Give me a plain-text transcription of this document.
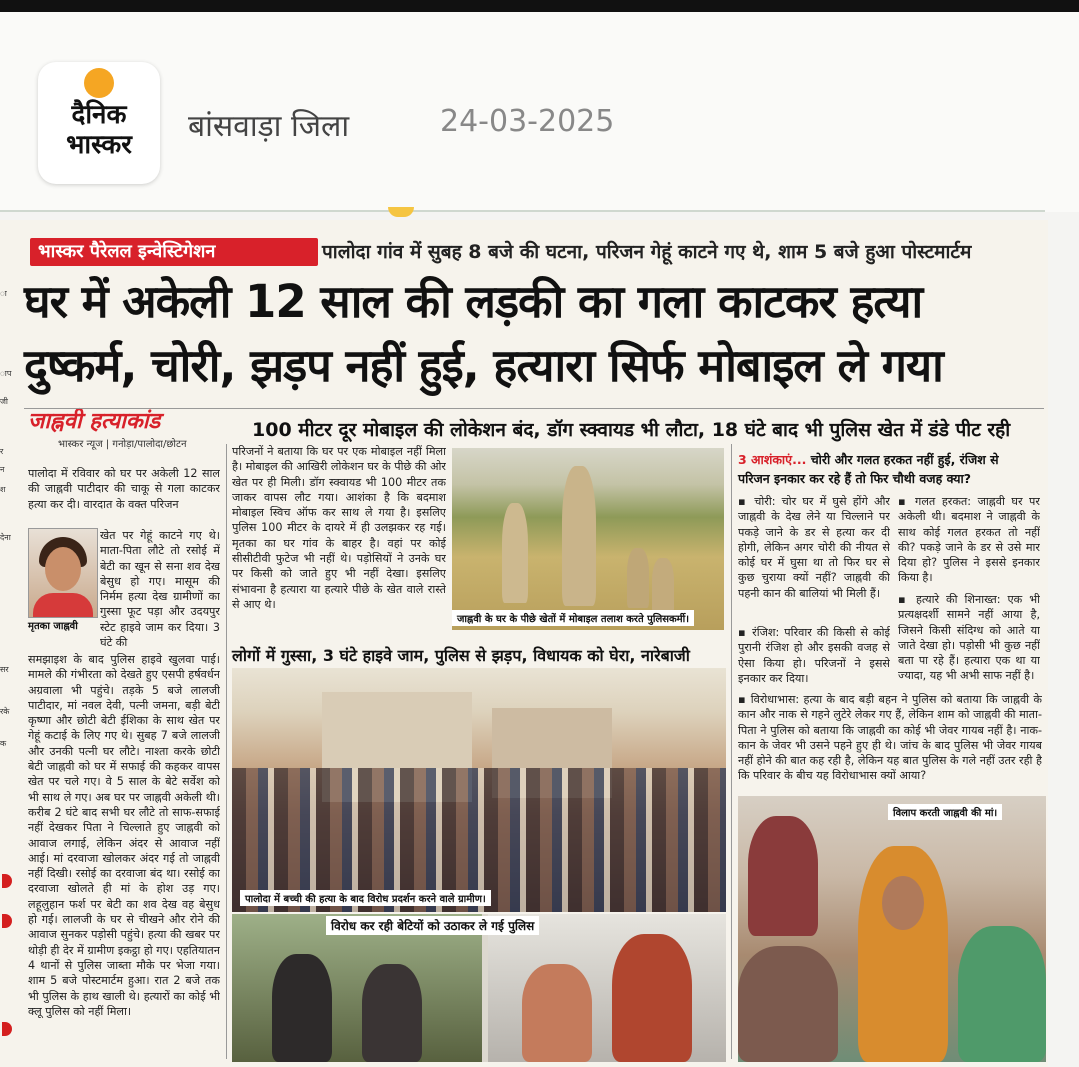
दैनिक
भास्कर
बांसवाड़ा जिला	24-03-2025
ा
ाप
जी
र
न
श
देना
सर
रके
क
भास्कर पैरेलल इन्वेस्टिगेशन	पालोदा गांव में सुबह 8 बजे की घटना, परिजन गेहूं काटने गए थे, शाम 5 बजे हुआ पोस्टमार्टम
घर में अकेली 12 साल की लड़की का गला काटकर हत्या
दुष्कर्म, चोरी, झड़प नहीं हुई, हत्यारा सिर्फ मोबाइल ले गया
जाह्नवी हत्याकांड
भास्कर न्यूज | गनोड़ा/पालोदा/छोटन
100 मीटर दूर मोबाइल की लोकेशन बंद, डॉग स्क्वायड भी लौटा, 18 घंटे बाद भी पुलिस खेत में डंडे पीट रही
पालोदा में रविवार को घर पर अकेली 12 साल की जाह्नवी पाटीदार की चाकू से गला काटकर हत्या कर दी। वारदात के वक्त परिजन
मृतका जाह्नवी
खेत पर गेहूं काटने गए थे। माता-पिता लौटे तो रसोई में बेटी का खून से सना शव देख बेसुध हो गए। मासूम की निर्मम हत्या देख ग्रामीणों का गुस्सा फूट पड़ा और उदयपुर स्टेट हाइवे जाम कर दिया। 3 घंटे की
समझाइश के बाद पुलिस हाइवे खुलवा पाई। मामले की गंभीरता को देखते हुए एसपी हर्षवर्धन अग्रवाला भी पहुंचे। तड़के 5 बजे लालजी पाटीदार, मां नवल देवी, पत्नी जमना, बड़ी बेटी कृष्णा और छोटी बेटी ईशिका के साथ खेत पर गेहूं कटाई के लिए गए थे। सुबह 7 बजे लालजी और उनकी पत्नी घर लौटे। नाश्ता करके छोटी बेटी जाह्नवी को घर में सफाई की कहकर वापस खेत पर चले गए। वे 5 साल के बेटे सर्वेश को भी साथ ले गए। अब घर पर जाह्नवी अकेली थी। करीब 2 घंटे बाद सभी घर लौटे तो साफ-सफाई नहीं देखकर पिता ने चिल्लाते हुए जाह्नवी को आवाज लगाई, लेकिन अंदर से आवाज नहीं आई। मां दरवाजा खोलकर अंदर गई तो जाह्नवी नहीं दिखी। रसोई का दरवाजा बंद था। रसोई का दरवाजा खोलते ही मां के होश उड़ गए। लहूलुहान फर्श पर बेटी का शव देख वह बेसुध हो गई। लालजी के घर से चीखने और रोने की आवाज सुनकर पड़ोसी पहुंचे। हत्या की खबर पर थोड़ी ही देर में ग्रामीण इकट्ठा हो गए। एहतियातन 4 थानों से पुलिस जाब्ता मौके पर भेजा गया। शाम 5 बजे पोस्टमार्टम हुआ। रात 2 बजे तक भी पुलिस के हाथ खाली थे। हत्यारों का कोई भी क्लू पुलिस को नहीं मिला।
परिजनों ने बताया कि घर पर एक मोबाइल नहीं मिला है। मोबाइल की आखिरी लोकेशन घर के पीछे की ओर खेत पर ही मिली। डॉग स्क्वायड भी 100 मीटर तक जाकर वापस लौट गया। आशंका है कि बदमाश मोबाइल स्विच ऑफ कर साथ ले गया है। इसलिए पुलिस 100 मीटर के दायरे में ही उलझकर रह गई। मृतका का घर गांव के बाहर है। वहां पर कोई सीसीटीवी फुटेज भी नहीं थे। पड़ोसियों ने उनके घर पर किसी को जाते हुए भी नहीं देखा। इसलिए संभावना है हत्यारा या हत्यारे पीछे के खेत वाले रास्ते से आए थे।
जाह्नवी के घर के पीछे खेतों में मोबाइल तलाश करते पुलिसकर्मी।
लोगों में गुस्सा, 3 घंटे हाइवे जाम, पुलिस से झड़प, विधायक को घेरा, नारेबाजी
पालोदा में बच्ची की हत्या के बाद विरोध प्रदर्शन करने वाले ग्रामीण।
विरोध कर रही बेटियों को उठाकर ले गई पुलिस
3 आशंकाएं... चोरी और गलत हरकत नहीं हुई, रंजिश से
परिजन इनकार कर रहे हैं तो फिर चौथी वजह क्या?
▪ चोरी: चोर घर में घुसे होंगे और जाह्नवी के देख लेने या चिल्लाने पर पकड़े जाने के डर से हत्या कर दी होगी, लेकिन अगर चोरी की नीयत से कोई घर में घुसा था तो फिर घर से कुछ चुराया क्यों नहीं? जाह्नवी की पहनी कान की बालियां भी मिली हैं।
▪ रंजिश: परिवार की किसी से कोई पुरानी रंजिश हो और इसकी वजह से ऐसा किया हो। परिजनों ने इससे इनकार कर दिया।
▪ गलत हरकत: जाह्नवी घर पर अकेली थी। बदमाश ने जाह्नवी के साथ कोई गलत हरकत तो नहीं की? पकड़े जाने के डर से उसे मार दिया हो? पुलिस ने इससे इनकार किया है।
▪ हत्यारे की शिनाख्त: एक भी प्रत्यक्षदर्शी सामने नहीं आया है, जिसने किसी संदिग्ध को आते या जाते देखा हो। पड़ोसी भी कुछ नहीं बता पा रहे हैं। हत्यारा एक था या ज्यादा, यह भी अभी साफ नहीं है।
▪ विरोधाभास: हत्या के बाद बड़ी बहन ने पुलिस को बताया कि जाह्नवी के कान और नाक से गहने लुटेरे लेकर गए हैं, लेकिन शाम को जाह्नवी की माता-पिता ने पुलिस को बताया कि जाह्नवी का कोई भी जेवर गायब नहीं है। नाक-कान के जेवर भी उसने पहने हुए ही थे। जांच के बाद पुलिस भी जेवर गायब नहीं होने की बात कह रही है, लेकिन यह बात पुलिस के गले नहीं उतर रही है कि परिवार के बीच यह विरोधाभास क्यों आया?
विलाप करती जाह्नवी की मां।
